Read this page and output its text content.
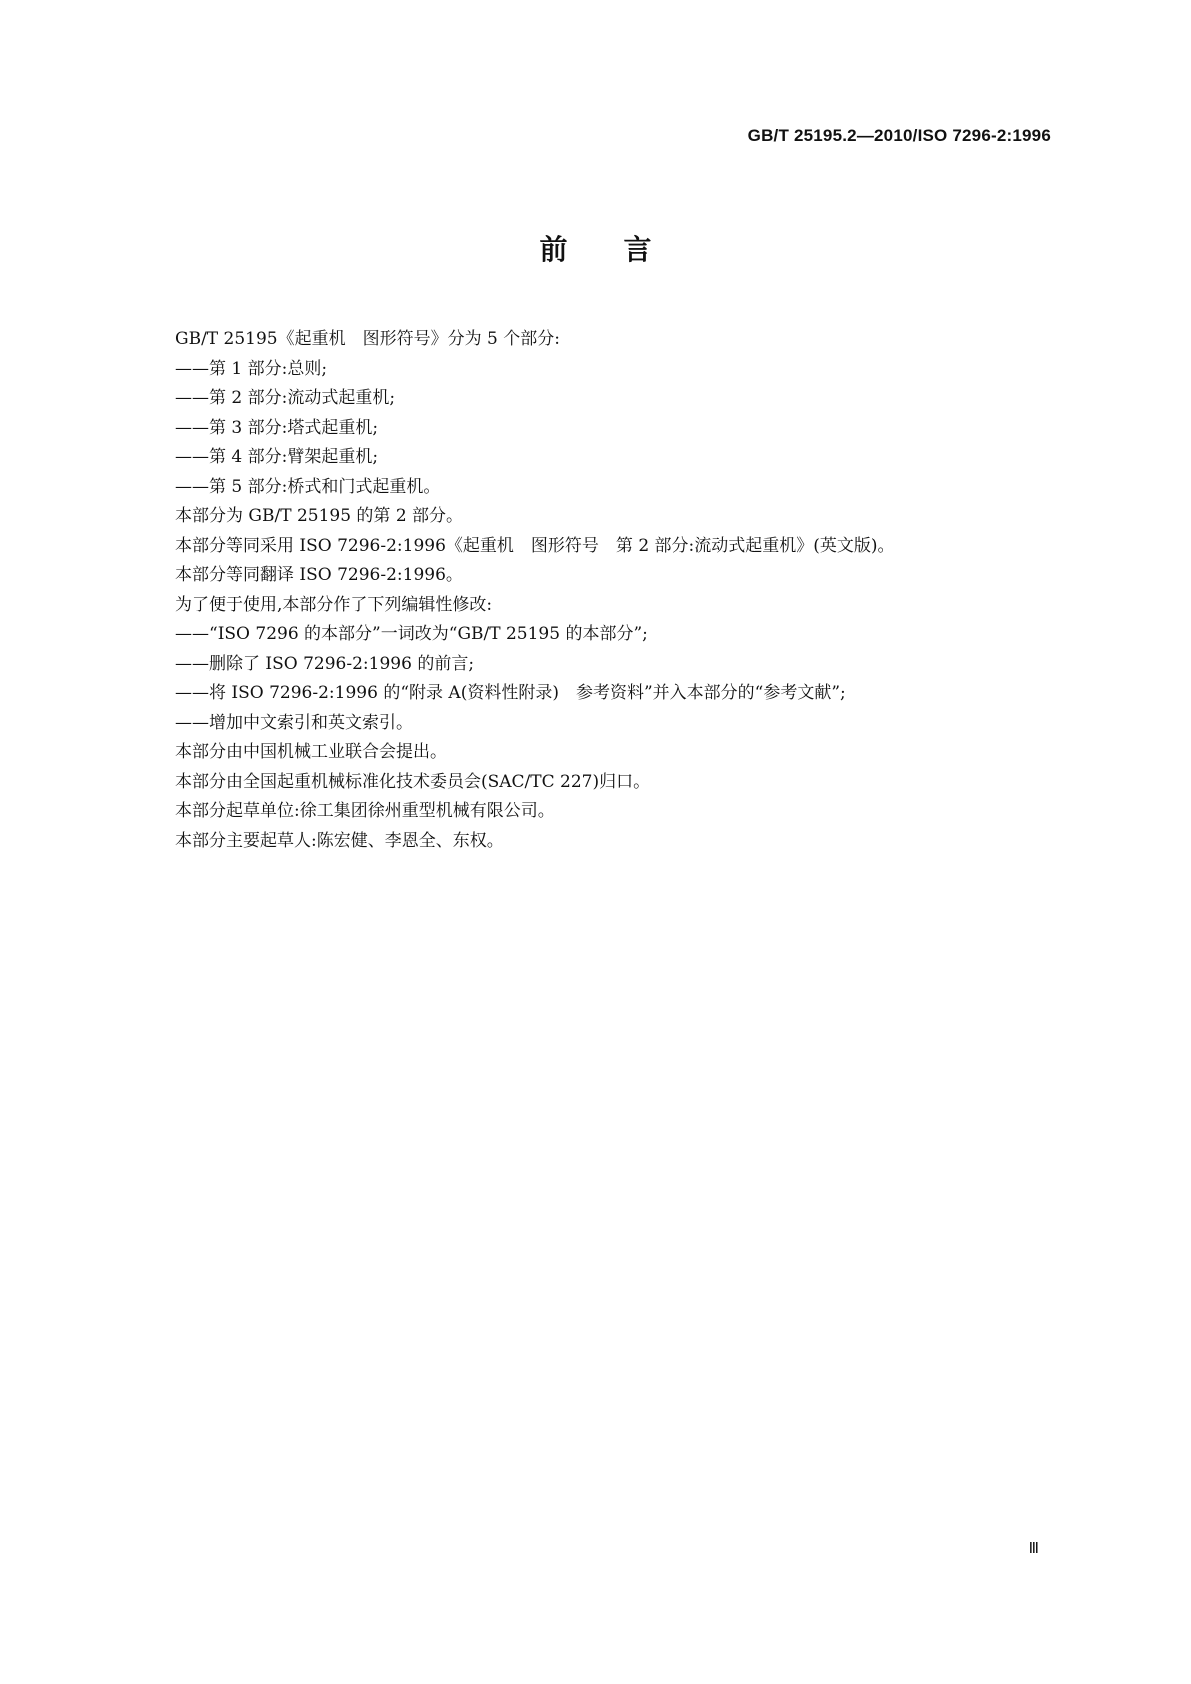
GB/T 25195.2—2010/ISO 7296-2:1996
前言
GB/T 25195《起重机　图形符号》分为 5 个部分:
——第 1 部分:总则;
——第 2 部分:流动式起重机;
——第 3 部分:塔式起重机;
——第 4 部分:臂架起重机;
——第 5 部分:桥式和门式起重机。
本部分为 GB/T 25195 的第 2 部分。
本部分等同采用 ISO 7296-2:1996《起重机　图形符号　第 2 部分:流动式起重机》(英文版)。
本部分等同翻译 ISO 7296-2:1996。
为了便于使用,本部分作了下列编辑性修改:
——“ISO 7296 的本部分”一词改为“GB/T 25195 的本部分”;
——删除了 ISO 7296-2:1996 的前言;
——将 ISO 7296-2:1996 的“附录 A(资料性附录)　参考资料”并入本部分的“参考文献”;
——增加中文索引和英文索引。
本部分由中国机械工业联合会提出。
本部分由全国起重机械标准化技术委员会(SAC/TC 227)归口。
本部分起草单位:徐工集团徐州重型机械有限公司。
本部分主要起草人:陈宏健、李恩全、东权。
Ⅲ
